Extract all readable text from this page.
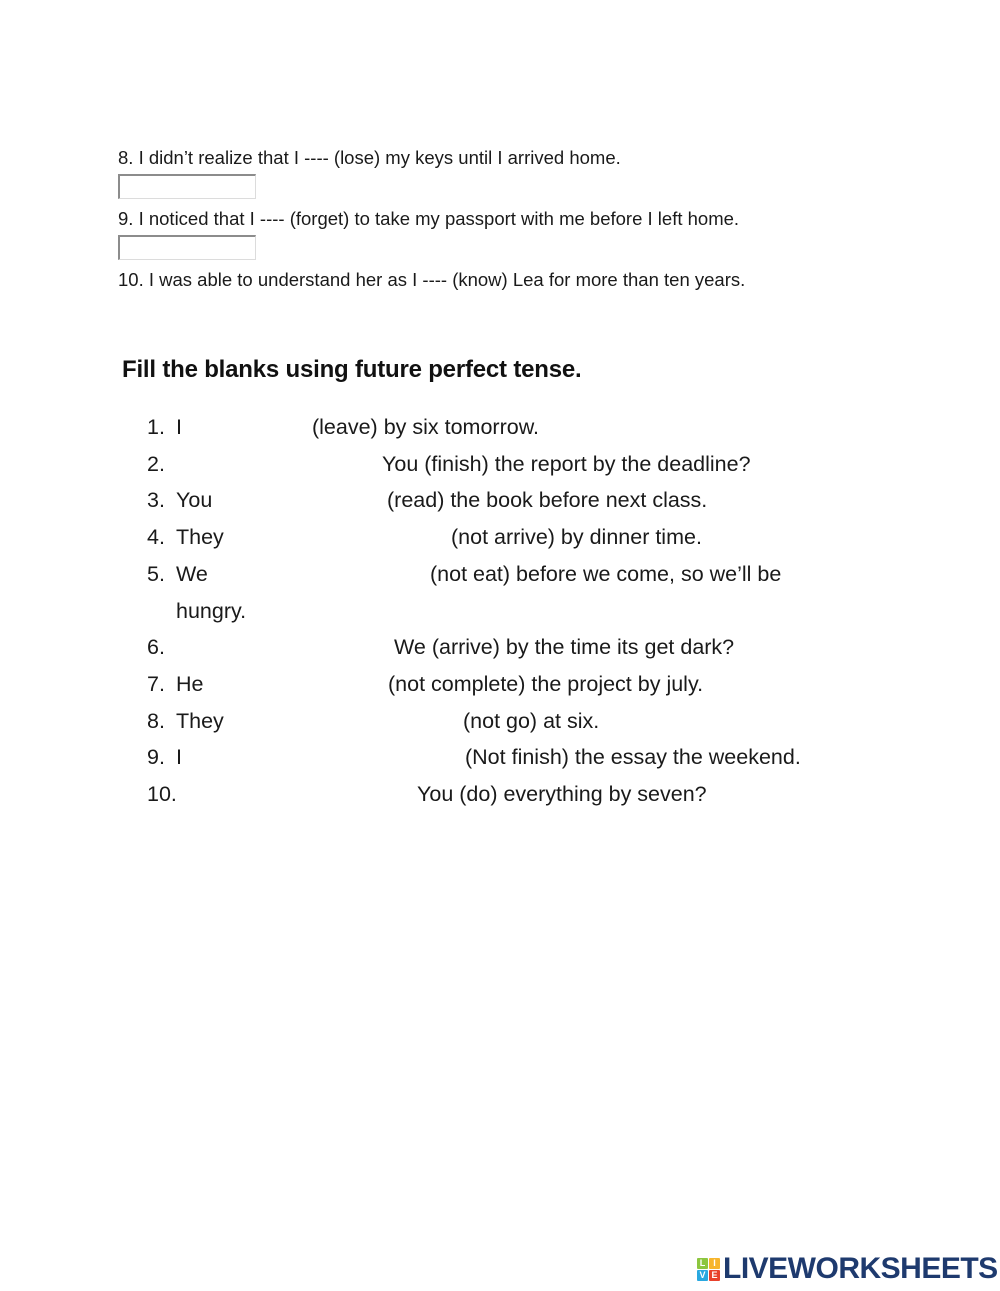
8. I didn’t realize that I ---- (lose) my keys until I arrived home.
9. I noticed that I ---- (forget) to take my passport with me before I left home.
10. I was able to understand her as I ---- (know) Lea for more than ten years.
Fill the blanks using future perfect tense.
1. I	(leave) by six tomorrow.
2.	You (finish) the report by the deadline?
3. You	(read) the book before next class.
4. They	(not arrive) by dinner time.
5. We	(not eat) before we come, so we’ll be
hungry.
6.	We (arrive) by the time its get dark?
7. He	(not complete) the project by july.
8. They	(not go) at six.
9. I	(Not finish) the essay the weekend.
10.	You (do) everything by seven?
L I
V E LIVEWORKSHEETS
